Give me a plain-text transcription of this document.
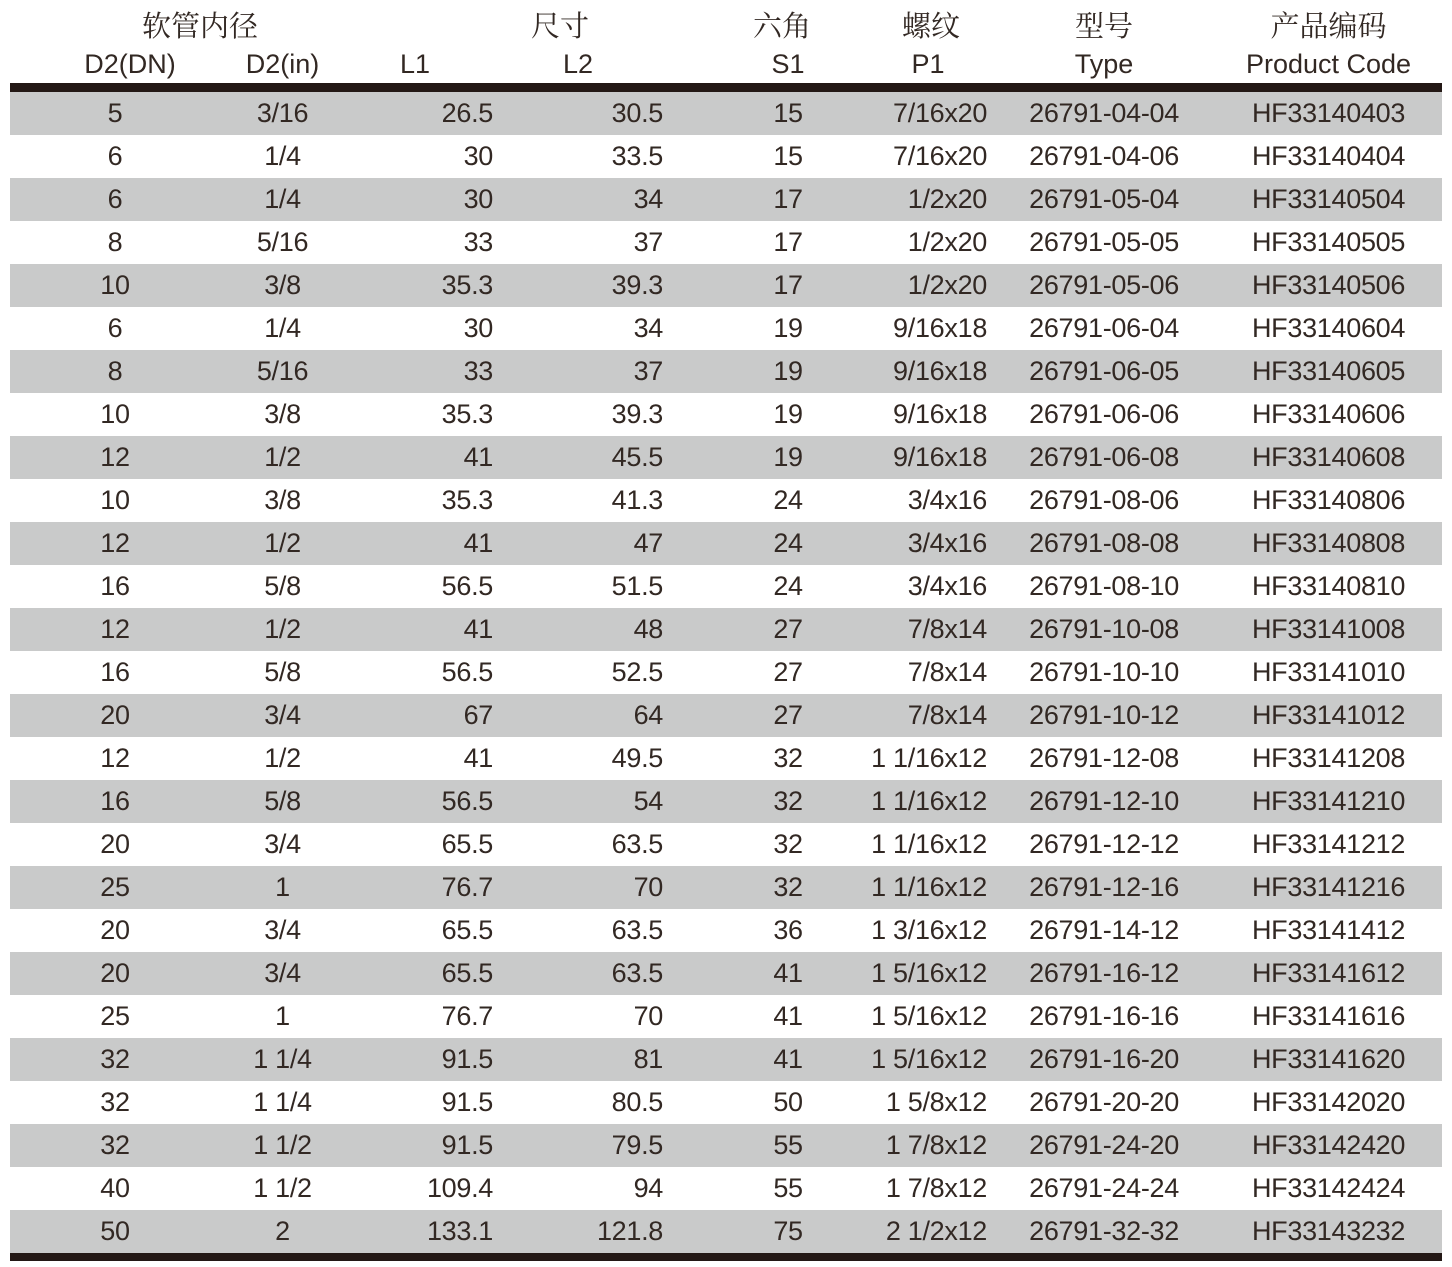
软管内径		尺寸		六角	螺纹	型号	产品编码
D2(DN)	D2(in)	L1	L2	S1	P1	Type	Product Code
5	3/16	26.5	30.5	15	7/16x20	26791-04-04	HF33140403
6	1/4	30	33.5	15	7/16x20	26791-04-06	HF33140404
6	1/4	30	34	17	1/2x20	26791-05-04	HF33140504
8	5/16	33	37	17	1/2x20	26791-05-05	HF33140505
10	3/8	35.3	39.3	17	1/2x20	26791-05-06	HF33140506
6	1/4	30	34	19	9/16x18	26791-06-04	HF33140604
8	5/16	33	37	19	9/16x18	26791-06-05	HF33140605
10	3/8	35.3	39.3	19	9/16x18	26791-06-06	HF33140606
12	1/2	41	45.5	19	9/16x18	26791-06-08	HF33140608
10	3/8	35.3	41.3	24	3/4x16	26791-08-06	HF33140806
12	1/2	41	47	24	3/4x16	26791-08-08	HF33140808
16	5/8	56.5	51.5	24	3/4x16	26791-08-10	HF33140810
12	1/2	41	48	27	7/8x14	26791-10-08	HF33141008
16	5/8	56.5	52.5	27	7/8x14	26791-10-10	HF33141010
20	3/4	67	64	27	7/8x14	26791-10-12	HF33141012
12	1/2	41	49.5	32	1 1/16x12	26791-12-08	HF33141208
16	5/8	56.5	54	32	1 1/16x12	26791-12-10	HF33141210
20	3/4	65.5	63.5	32	1 1/16x12	26791-12-12	HF33141212
25	1	76.7	70	32	1 1/16x12	26791-12-16	HF33141216
20	3/4	65.5	63.5	36	1 3/16x12	26791-14-12	HF33141412
20	3/4	65.5	63.5	41	1 5/16x12	26791-16-12	HF33141612
25	1	76.7	70	41	1 5/16x12	26791-16-16	HF33141616
32	1 1/4	91.5	81	41	1 5/16x12	26791-16-20	HF33141620
32	1 1/4	91.5	80.5	50	1 5/8x12	26791-20-20	HF33142020
32	1 1/2	91.5	79.5	55	1 7/8x12	26791-24-20	HF33142420
40	1 1/2	109.4	94	55	1 7/8x12	26791-24-24	HF33142424
50	2	133.1	121.8	75	2 1/2x12	26791-32-32	HF33143232
